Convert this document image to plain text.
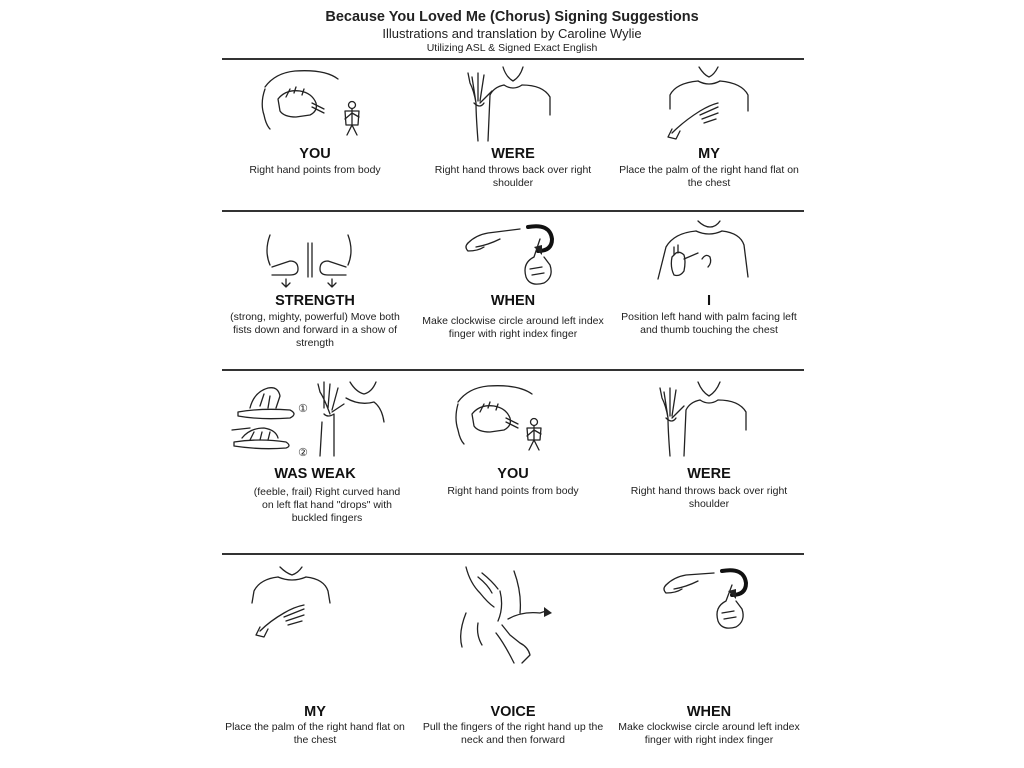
Because You Loved Me (Chorus) Signing Suggestions
Illustrations and translation by Caroline Wylie
Utilizing ASL & Signed Exact English
YOU
Right hand points from body
WERE
Right hand throws back over right shoulder
MY
Place the palm of the right hand flat on the chest
STRENGTH
(strong, mighty, powerful) Move both fists down and forward in a show of strength
WHEN
Make clockwise circle around left index finger with right index finger
I
Position left hand with palm facing left and thumb touching the chest
①
②
WAS WEAK
(feeble, frail) Right curved hand on left flat hand "drops" with buckled fingers
YOU
Right hand points from body
WERE
Right hand throws back over right shoulder
MY
Place the palm of the right hand flat on the chest
VOICE
Pull the fingers of the right hand up the neck and then forward
WHEN
Make clockwise circle around left index finger with right index finger
